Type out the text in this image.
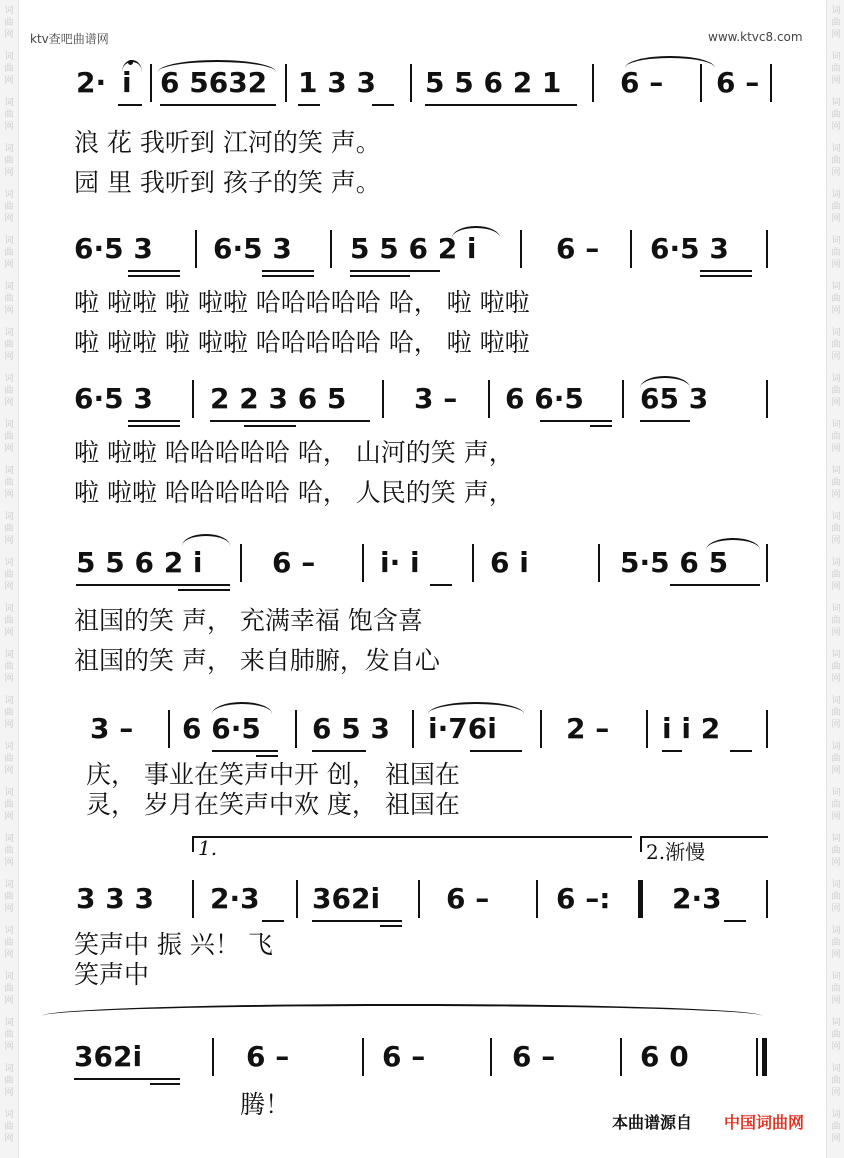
词
曲
网
词
曲
网
词
曲
网
词
曲
网
词
曲
网
词
曲
网
词
曲
网
词
曲
网
词
曲
网
词
曲
网
词
曲
网
词
曲
网
词
曲
网
词
曲
网
词
曲
网
词
曲
网
词
曲
网
词
曲
网
词
曲
网
词
曲
网
词
曲
网
词
曲
网
词
曲
网
词
曲
网
词
曲
网
词
曲
网
词
曲
网
词
曲
网
词
曲
网
词
曲
网
词
曲
网
词
曲
网
词
曲
网
词
曲
网
词
曲
网
词
曲
网
词
曲
网
词
曲
网
词
曲
网
词
曲
网
词
曲
网
词
曲
网
词
曲
网
词
曲
网
词
曲
网
词
曲
网
词
曲
网
词
曲
网
词
曲
网
词
曲
网
ktv查吧曲谱网	www.ktvc8.com
2· i 6 5632 1 3 3 5 5 6 2 1 6 – 6 –
浪 花 我听到 江河的笑 声。
园 里 我听到 孩子的笑 声。
6·5 3 6·5 3 5 5 6 2 i	6 – 6·5 3
啦 啦啦 啦 啦啦 哈哈哈哈哈 哈， 啦 啦啦
啦 啦啦 啦 啦啦 哈哈哈哈哈 哈， 啦 啦啦
6·5 3 2 2 3 6 5 3 – 6 6·5 65 3
啦 啦啦 哈哈哈哈哈 哈， 山河的笑 声，
啦 啦啦 哈哈哈哈哈 哈， 人民的笑 声，
5 5 6 2 i 6 – i· i	6 i	5·5 6 5
祖国的笑 声， 充满幸福 饱含喜
祖国的笑 声， 来自肺腑，发自心
3 – 6 6·5 6 5 3 i·76i 2 – i i 2
庆， 事业在笑声中开 创， 祖国在
灵， 岁月在笑声中欢 度， 祖国在
1.	2.渐慢
3 3 3 2·3 362i 6 – 6 –: 2·3
笑声中 振 兴！ 飞
笑声中
362i	6 –	6 –	6 –	6 0
腾！
本曲谱源自 中国词曲网
